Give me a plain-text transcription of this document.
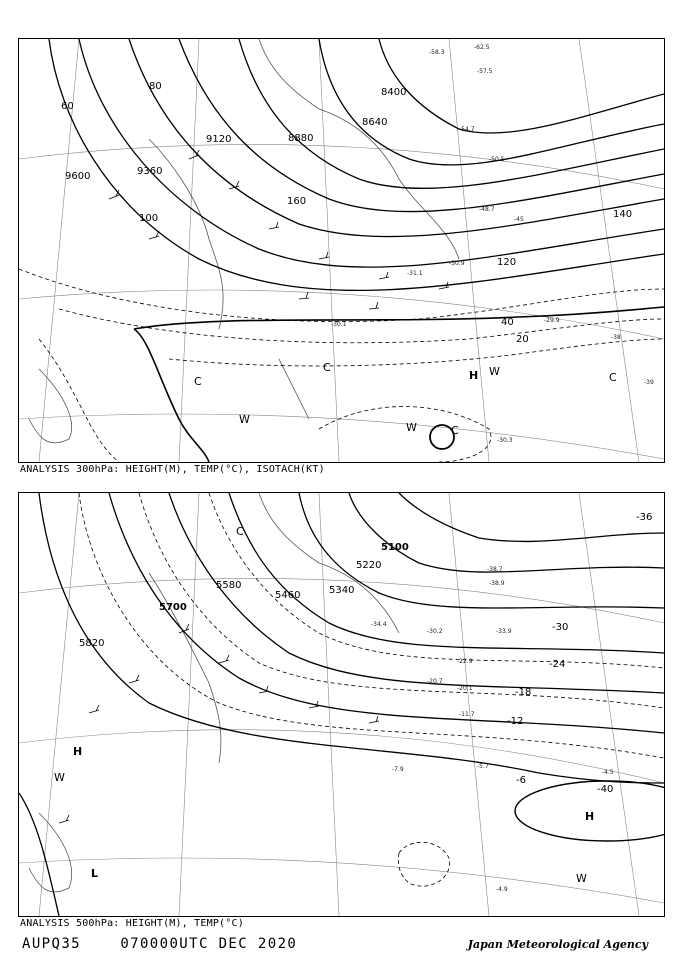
9600	9360
9120	8880
8640
8400
60
80
100
120
140
160
20
40
-58.3
-62.5
-57.5
-54.7
-50.5
-48.7
-45
-31.1
-30.9
-29.9
-30.1
-30.3
-38
-39
H
C
C
W
W
W	C
C
ANALYSIS 300hPa: HEIGHT(M), TEMP(°C), ISOTACH(KT)
5820
5700
5580
5460	5340
5220
5100
-36
-30
-24
-18
-12
-6
-40
-38.7
-38.9
-34.4
-33.9
-30.2
-22.9
-20.7
-20.1
-11.7
-5.7
-4.5
-4.9
-7.9
H
H
L
C
W
W
ANALYSIS 500hPa: HEIGHT(M), TEMP(°C)
AUPQ35	070000UTC DEC 2020	Japan Meteorological Agency
